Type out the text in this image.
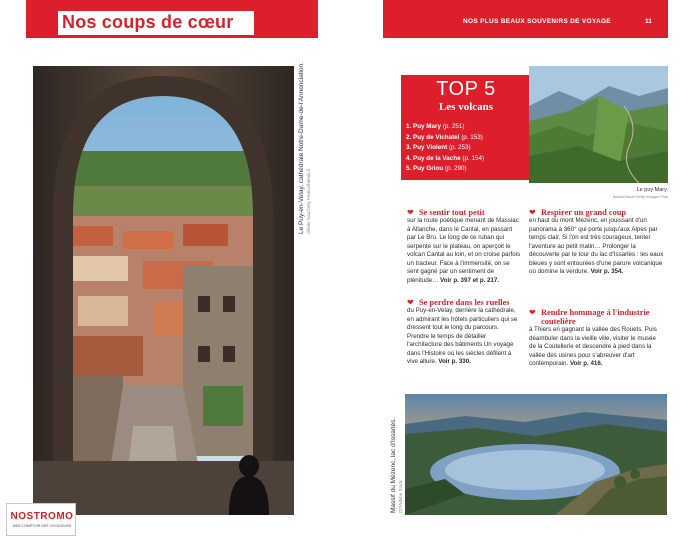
Nos coups de cœur
Le Puy-en-Velay, cathédrale Notre-Dame-de-l'Annonciation. Olivier Nau/Only France/hemis.fr
NOSTROMO
WEB COMPTOIR DES VOYAGEURS
NOS PLUS BEAUX SOUVENIRS DE VOYAGE	11
TOP 5
Les volcans
1. Puy Mary (p. 251)
2. Puy de Vichatel (p. 153)
3. Puy Violent (p. 253)
4. Puy de la Vache (p. 154)
5. Puy Griou (p. 290)
Le puy Mary.
leoks/iStock/Getty Images Plus
❤ Se sentir tout petit
sur la route poétique menant de Massiac à Allanche, dans le Cantal, en passant par Le Bru. Le long de ce ruban qui serpente sur le plateau, on aperçoit le volcan Cantal au loin, et on croise parfois un tracteur. Face à l'immensité, on se sent gagné par un sentiment de plénitude… Voir p. 397 et p. 217.
❤ Se perdre dans les ruelles
du Puy-en-Velay, derrière la cathédrale, en admirant les hôtels particuliers qui se dressent tout le long du parcours. Prendre le temps de détailler l'architecture des bâtiments Un voyage dans l'Histoire où les siècles défilent à vive allure. Voir p. 330.
❤ Respirer un grand coup
en haut du mont Mézenc, en jouissant d'un panorama à 360° qui porte jusqu'aux Alpes par temps clair. Si l'on est très courageux, tenter l'aventure au petit matin… Prolonger la découverte par le tour du lac d'Issarlès : les eaux bleues y sont entourées d'une parure volcanique où domine la verdure. Voir p. 354.
❤ Rendre hommage à l'industrie coutelière
à Thiers en gagnant la vallée des Rouets. Puis déambuler dans la vieille ville, visiter le musée de la Coutellerie et descendre à pied dans la vallée des usines pour s'abreuver d'art contemporain. Voir p. 416.
Massif du Mézenc, lac d'Issarlès. CF/Adobe Stock
